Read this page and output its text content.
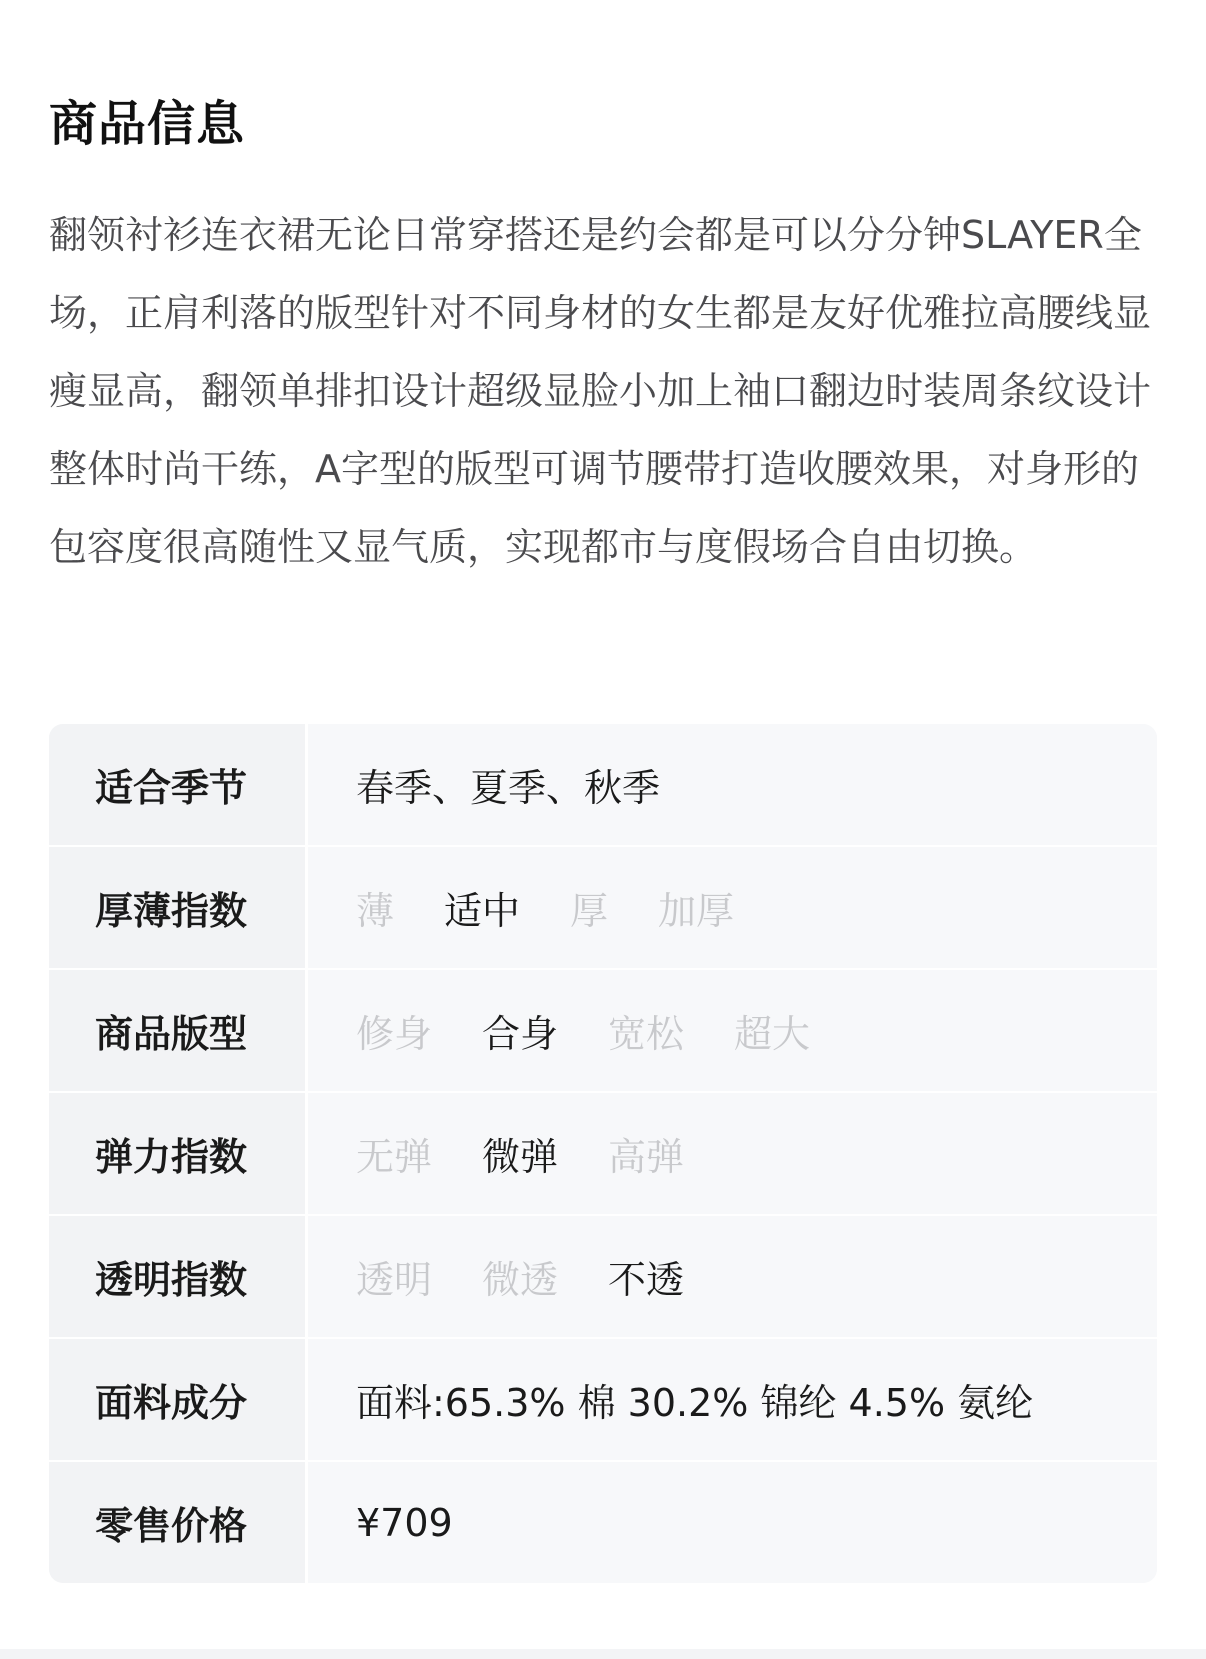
商品信息

翻领衬衫连衣裙无论日常穿搭还是约会都是可以分分钟SLAYER全场，正肩利落的版型针对不同身材的女生都是友好优雅拉高腰线显瘦显高，翻领单排扣设计超级显脸小加上袖口翻边时装周条纹设计整体时尚干练，A字型的版型可调节腰带打造收腰效果，对身形的包容度很高随性又显气质，实现都市与度假场合自由切换。

适合季节	春季、夏季、秋季
厚薄指数	薄 适中 厚 加厚
商品版型	修身 合身 宽松 超大
弹力指数	无弹 微弹 高弹
透明指数	透明 微透 不透
面料成分	面料:65.3% 棉 30.2% 锦纶 4.5% 氨纶
零售价格	¥709
